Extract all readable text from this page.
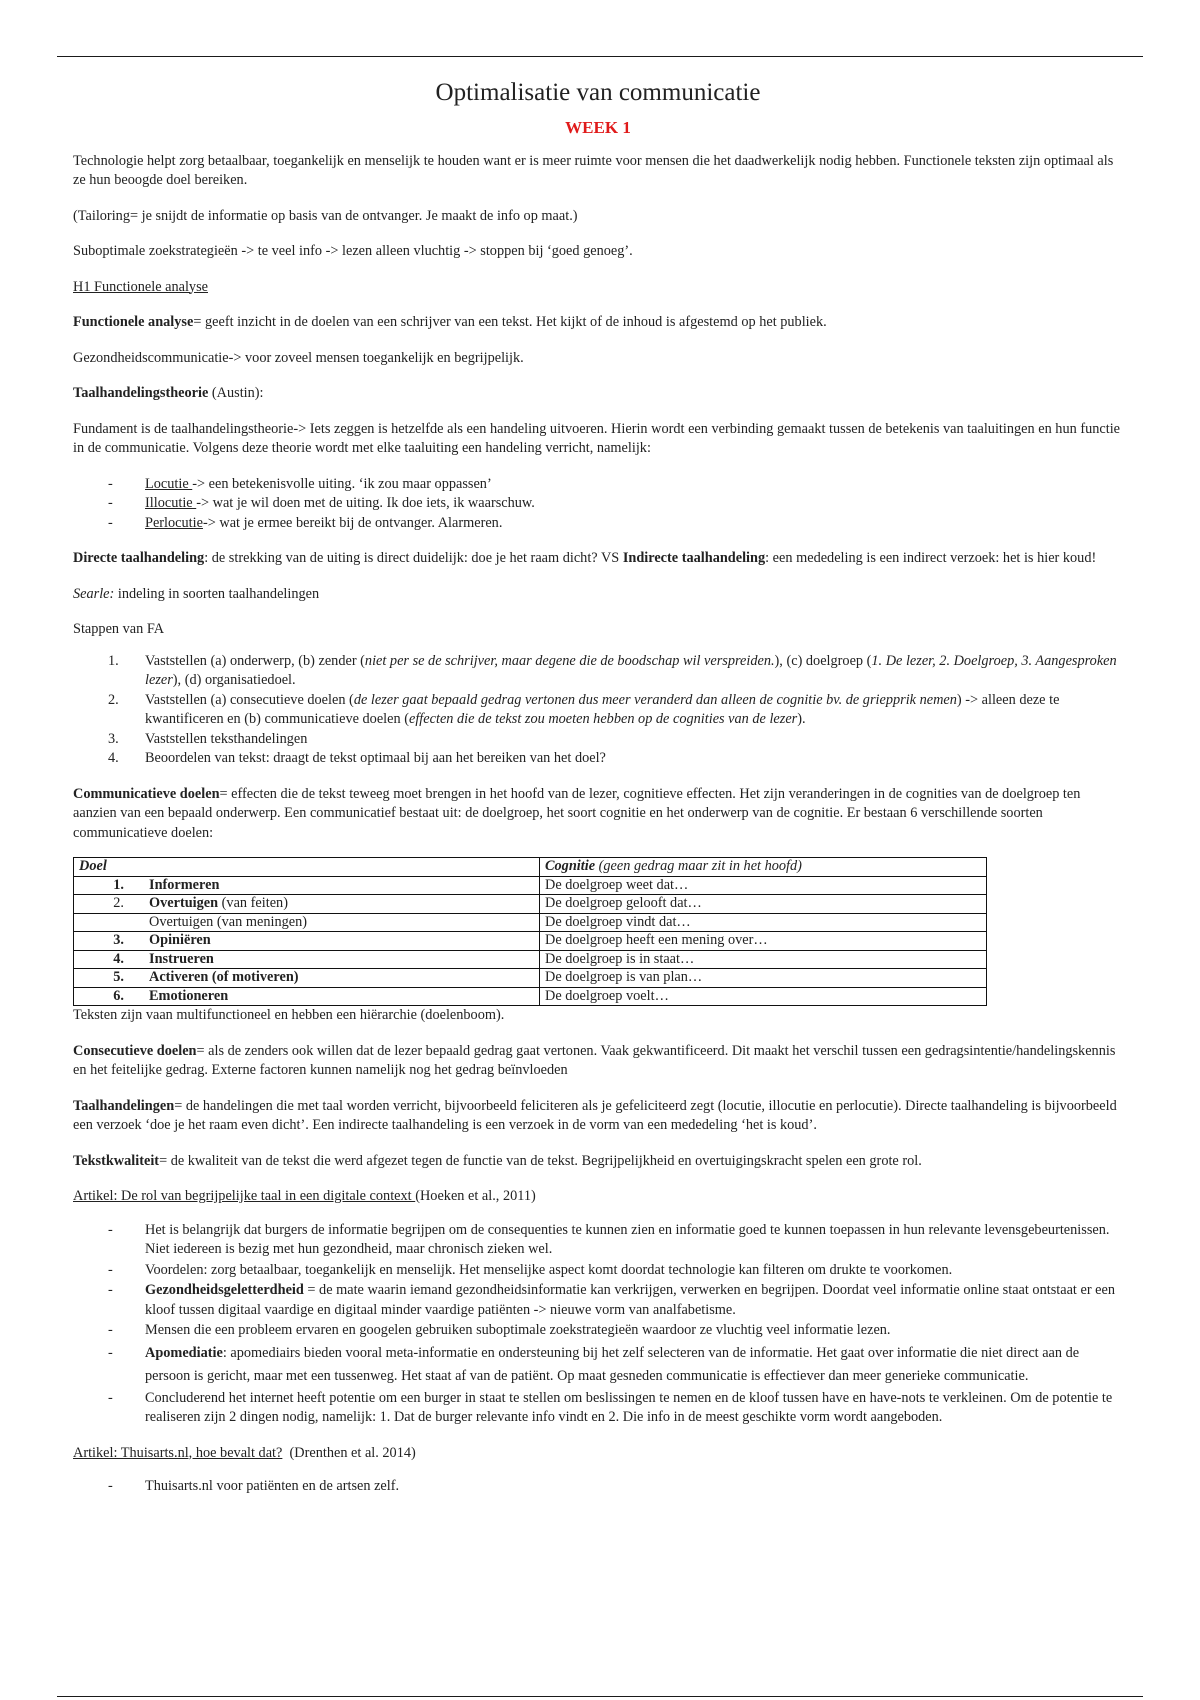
Optimalisatie van communicatie
WEEK 1

Technologie helpt zorg betaalbaar, toegankelijk en menselijk te houden want er is meer ruimte voor mensen die het daadwerkelijk nodig hebben. Functionele teksten zijn optimaal als ze hun beoogde doel bereiken.

(Tailoring= je snijdt de informatie op basis van de ontvanger. Je maakt de info op maat.)

Suboptimale zoekstrategieën -> te veel info -> lezen alleen vluchtig -> stoppen bij ‘goed genoeg’.

H1 Functionele analyse

Functionele analyse= geeft inzicht in de doelen van een schrijver van een tekst. Het kijkt of de inhoud is afgestemd op het publiek.

Gezondheidscommunicatie-> voor zoveel mensen toegankelijk en begrijpelijk.

Taalhandelingstheorie (Austin):

Fundament is de taalhandelingstheorie-> Iets zeggen is hetzelfde als een handeling uitvoeren. Hierin wordt een verbinding gemaakt tussen de betekenis van taaluitingen en hun functie in de communicatie. Volgens deze theorie wordt met elke taaluiting een handeling verricht, namelijk:

- Locutie -> een betekenisvolle uiting. ‘ik zou maar oppassen’
- Illocutie -> wat je wil doen met de uiting. Ik doe iets, ik waarschuw.
- Perlocutie-> wat je ermee bereikt bij de ontvanger. Alarmeren.

Directe taalhandeling: de strekking van de uiting is direct duidelijk: doe je het raam dicht? VS Indirecte taalhandeling: een mededeling is een indirect verzoek: het is hier koud!

Searle: indeling in soorten taalhandelingen

Stappen van FA

1. Vaststellen (a) onderwerp, (b) zender (niet per se de schrijver, maar degene die de boodschap wil verspreiden.), (c) doelgroep (1. De lezer, 2. Doelgroep, 3. Aangesproken lezer), (d) organisatiedoel.
2. Vaststellen (a) consecutieve doelen (de lezer gaat bepaald gedrag vertonen dus meer veranderd dan alleen de cognitie bv. de griepprik nemen) -> alleen deze te kwantificeren en (b) communicatieve doelen (effecten die de tekst zou moeten hebben op de cognities van de lezer).
3. Vaststellen teksthandelingen
4. Beoordelen van tekst: draagt de tekst optimaal bij aan het bereiken van het doel?

Communicatieve doelen= effecten die de tekst teweeg moet brengen in het hoofd van de lezer, cognitieve effecten. Het zijn veranderingen in de cognities van de doelgroep ten aanzien van een bepaald onderwerp. Een communicatief bestaat uit: de doelgroep, het soort cognitie en het onderwerp van de cognitie. Er bestaan 6 verschillende soorten communicatieve doelen:

Doel	Cognitie (geen gedrag maar zit in het hoofd)
1. Informeren	De doelgroep weet dat…
2. Overtuigen (van feiten)	De doelgroep gelooft dat…
Overtuigen (van meningen)	De doelgroep vindt dat…
3. Opiniëren	De doelgroep heeft een mening over…
4. Instrueren	De doelgroep is in staat…
5. Activeren (of motiveren)	De doelgroep is van plan…
6. Emotioneren	De doelgroep voelt…
Teksten zijn vaan multifunctioneel en hebben een hiërarchie (doelenboom).

Consecutieve doelen= als de zenders ook willen dat de lezer bepaald gedrag gaat vertonen. Vaak gekwantificeerd. Dit maakt het verschil tussen een gedragsintentie/handelingskennis en het feitelijke gedrag. Externe factoren kunnen namelijk nog het gedrag beïnvloeden

Taalhandelingen= de handelingen die met taal worden verricht, bijvoorbeeld feliciteren als je gefeliciteerd zegt (locutie, illocutie en perlocutie). Directe taalhandeling is bijvoorbeeld een verzoek ‘doe je het raam even dicht’. Een indirecte taalhandeling is een verzoek in de vorm van een mededeling ‘het is koud’.

Tekstkwaliteit= de kwaliteit van de tekst die werd afgezet tegen de functie van de tekst. Begrijpelijkheid en overtuigingskracht spelen een grote rol.

Artikel: De rol van begrijpelijke taal in een digitale context (Hoeken et al., 2011)

- Het is belangrijk dat burgers de informatie begrijpen om de consequenties te kunnen zien en informatie goed te kunnen toepassen in hun relevante levensgebeurtenissen. Niet iedereen is bezig met hun gezondheid, maar chronisch zieken wel.
- Voordelen: zorg betaalbaar, toegankelijk en menselijk. Het menselijke aspect komt doordat technologie kan filteren om drukte te voorkomen.
- Gezondheidsgeletterdheid = de mate waarin iemand gezondheidsinformatie kan verkrijgen, verwerken en begrijpen. Doordat veel informatie online staat ontstaat er een kloof tussen digitaal vaardige en digitaal minder vaardige patiënten -> nieuwe vorm van analfabetisme.
- Mensen die een probleem ervaren en googelen gebruiken suboptimale zoekstrategieën waardoor ze vluchtig veel informatie lezen.
- Apomediatie: apomediairs bieden vooral meta-informatie en ondersteuning bij het zelf selecteren van de informatie. Het gaat over informatie die niet direct aan de persoon is gericht, maar met een tussenweg. Het staat af van de patiënt. Op maat gesneden communicatie is effectiever dan meer generieke communicatie.
- Concluderend het internet heeft potentie om een burger in staat te stellen om beslissingen te nemen en de kloof tussen have en have-nots te verkleinen. Om de potentie te realiseren zijn 2 dingen nodig, namelijk: 1. Dat de burger relevante info vindt en 2. Die info in de meest geschikte vorm wordt aangeboden.

Artikel: Thuisarts.nl, hoe bevalt dat?  (Drenthen et al. 2014)

- Thuisarts.nl voor patiënten en de artsen zelf.
